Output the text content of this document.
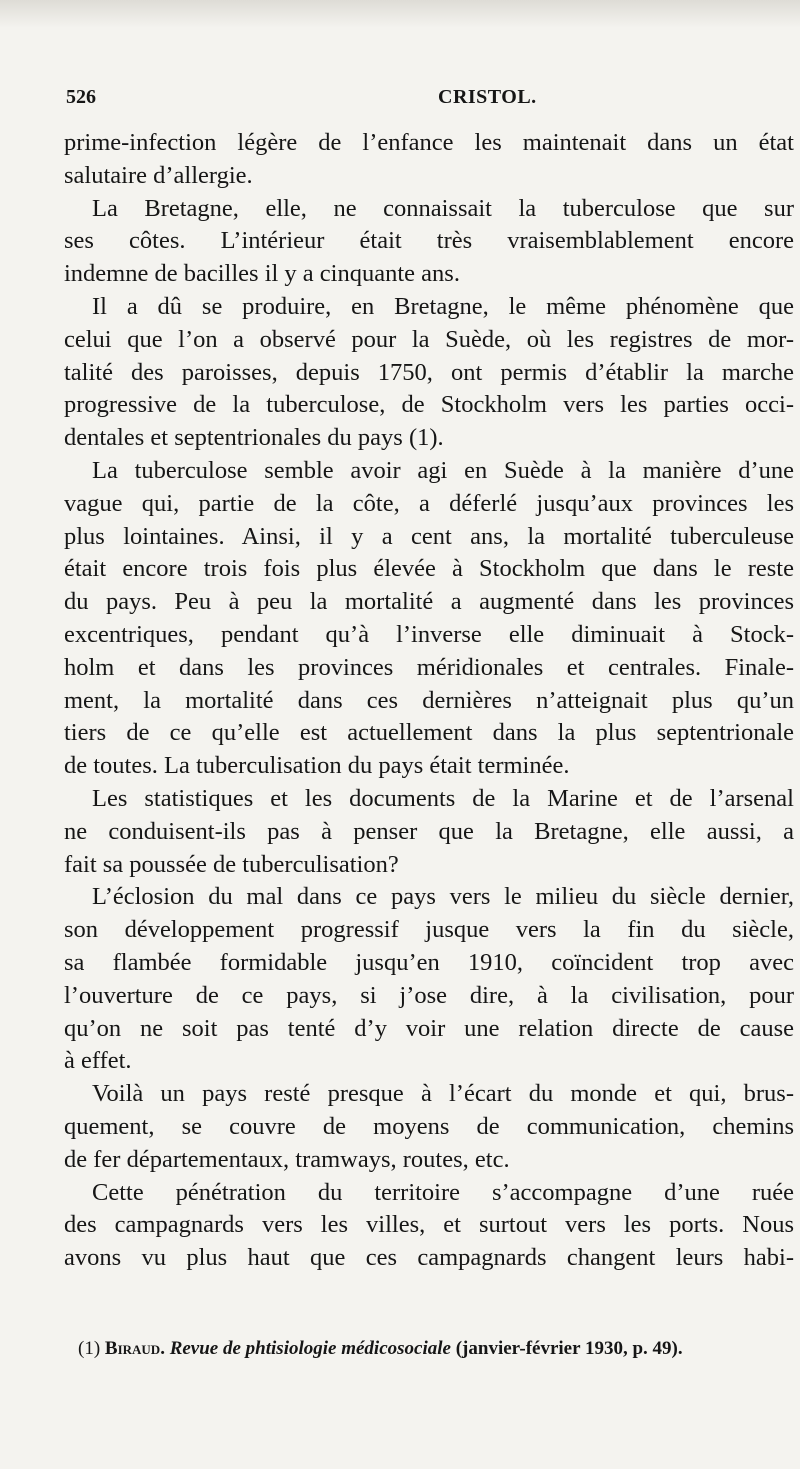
526	CRISTOL.
prime-infection légère de l’enfance les maintenait dans un état
salutaire d’allergie.
La Bretagne, elle, ne connaissait la tuberculose que sur
ses côtes. L’intérieur était très vraisemblablement encore
indemne de bacilles il y a cinquante ans.
Il a dû se produire, en Bretagne, le même phénomène que
celui que l’on a observé pour la Suède, où les registres de mor-
talité des paroisses, depuis 1750, ont permis d’établir la marche
progressive de la tuberculose, de Stockholm vers les parties occi-
dentales et septentrionales du pays (1).
La tuberculose semble avoir agi en Suède à la manière d’une
vague qui, partie de la côte, a déferlé jusqu’aux provinces les
plus lointaines. Ainsi, il y a cent ans, la mortalité tuberculeuse
était encore trois fois plus élevée à Stockholm que dans le reste
du pays. Peu à peu la mortalité a augmenté dans les provinces
excentriques, pendant qu’à l’inverse elle diminuait à Stock-
holm et dans les provinces méridionales et centrales. Finale-
ment, la mortalité dans ces dernières n’atteignait plus qu’un
tiers de ce qu’elle est actuellement dans la plus septentrionale
de toutes. La tuberculisation du pays était terminée.
Les statistiques et les documents de la Marine et de l’arsenal
ne conduisent-ils pas à penser que la Bretagne, elle aussi, a
fait sa poussée de tuberculisation?
L’éclosion du mal dans ce pays vers le milieu du siècle dernier,
son développement progressif jusque vers la fin du siècle,
sa flambée formidable jusqu’en 1910, coïncident trop avec
l’ouverture de ce pays, si j’ose dire, à la civilisation, pour
qu’on ne soit pas tenté d’y voir une relation directe de cause
à effet.
Voilà un pays resté presque à l’écart du monde et qui, brus-
quement, se couvre de moyens de communication, chemins
de fer départementaux, tramways, routes, etc.
Cette pénétration du territoire s’accompagne d’une ruée
des campagnards vers les villes, et surtout vers les ports. Nous
avons vu plus haut que ces campagnards changent leurs habi-
(1) Biraud. Revue de phtisiologie médicosociale (janvier-février 1930, p. 49).
